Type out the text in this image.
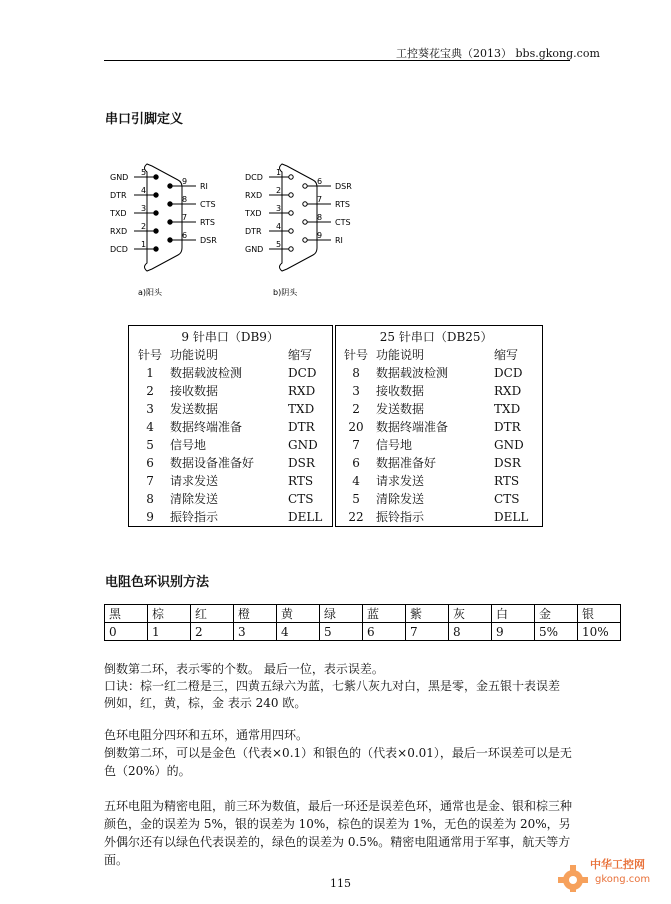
工控葵花宝典（2013） bbs.gkong.com
串口引脚定义
GND
5
DTR
4
TXD
3
RXD
2
DCD
1
9
RI
8
CTS
7
RTS
6
DSR
a)阳头
DCD
1
RXD
2
TXD
3
DTR
4
GND
5
6
DSR
7
RTS
8
CTS
9
RI
b)阴头
9 针串口（DB9）		
针号	功能说明	缩写
1	数据载波检测	DCD
2	接收数据	RXD
3	发送数据	TXD
4	数据终端准备	DTR
5	信号地	GND
6	数据设备准备好	DSR
7	请求发送	RTS
8	清除发送	CTS
9	振铃指示	DELL
25 针串口（DB25）		
针号	功能说明	缩写
8	数据载波检测	DCD
3	接收数据	RXD
2	发送数据	TXD
20	数据终端准备	DTR
7	信号地	GND
6	数据准备好	DSR
4	请求发送	RTS
5	清除发送	CTS
22	振铃指示	DELL
电阻色环识别方法
黑	棕	红	橙	黄	绿	蓝	紫	灰	白	金	银
0	1	2	3	4	5	6	7	8	9	5%	10%
倒数第二环，表示零的个数。 最后一位，表示误差。
口诀：棕一红二橙是三，四黄五绿六为蓝，七紫八灰九对白，黑是零，金五银十表误差
例如，红，黄，棕，金 表示 240 欧。
色环电阻分四环和五环，通常用四环。
倒数第二环，可以是金色（代表×0.1）和银色的（代表×0.01），最后一环误差可以是无色（20%）的。
五环电阻为精密电阻，前三环为数值，最后一环还是误差色环，通常也是金、银和棕三种颜色，金的误差为 5%，银的误差为 10%，棕色的误差为 1%，无色的误差为 20%，另外偶尔还有以绿色代表误差的，绿色的误差为 0.5%。精密电阻通常用于军事，航天等方面。
115
中华工控网
gkong.com
